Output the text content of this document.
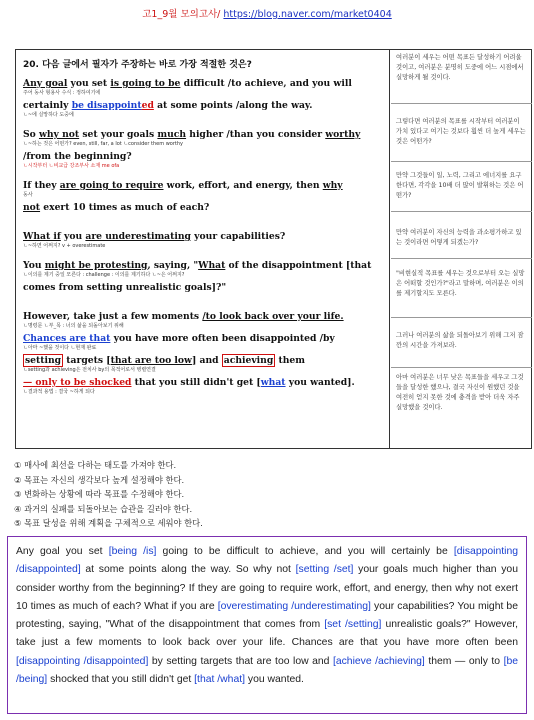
고1_9월 모의고사/ https://blog.naver.com/market0404
20. 다음 글에서 필자가 주장하는 바로 가장 적절한 것은?
Any goal you set is going to be difficult /to achieve, and you will
주어 동사 형용사 수식 : 정하여기에
certainly be disappointed at some points /along the way.
ㄴ~에 실망하다 도중에
So why not set your goals much higher /than you consider worthy
ㄴ~하는 것은 어떤가? even, still, far, a lot ㄴconsider them worthy
/from the beginning?
ㄴ시작부터 ㄴ비교급 강조부사 소재 me ofa
If they are going to require work, effort, and energy, then why
동사
not exert 10 times as much of each?
What if you are underestimating your capabilities?
ㄴ~하면 어쩌지? v + overestimate
You might be protesting, saying, "What of the disappointment [that
ㄴ이의를 제기 중일 모른다 : challenge : 이의를 제기하다 ㄴ~은 어쩌지?
comes from setting unrealistic goals]?"
However, take just a few moments /to look back over your life.
ㄴ명령문 ㄴ부_목 : 너의 삶을 되돌아보기 위해
Chances are that you have more often been disappointed /by
ㄴ아마 ~했을 것이다 ㄴ현재 완료
setting targets [that are too low] and achieving them
ㄴsetting과 achieving은 전치사 by의 목적어로서 병렬연결
— only to be shocked that you still didn't get [what you wanted].
ㄴ결과적 용법 : 결국 ~하게 되다
여러분이 세우는 어떤 목표든 달성하기 어려울 것이고, 여러분은 분명히 도중에 어느 시점에서 실망하게 될 것이다.
그렇다면 여러분의 목표를 시작부터 여러분이 가치 있다고 여기는 것보다 훨씬 더 높게 세우는 것은 어떤가?
만약 그것들이 일, 노력, 그리고 에너지를 요구한다면, 각각을 10배 더 많이 발휘하는 것은 어떤가?
만약 여러분이 자신의 능력을 과소평가하고 있는 것이라면 어떻게 되겠는가?
"비현실적 목표를 세우는 것으로부터 오는 실망은 어떠할 것인가?"라고 말하며, 여러분은 이의를 제기할지도 모른다.
그러나 여러분의 삶을 되돌아보기 위해 그저 잠깐의 시간을 가져보라.
아마 여러분은 너무 낮은 목표들을 세우고 그것들을 달성한 했으나, 결국 자신이 원했던 것을 여전히 얻지 못한 것에 충격을 받아 더욱 자주 실망했을 것이다.
① 매사에 최선을 다하는 태도를 가져야 한다.
② 목표는 자신의 생각보다 높게 설정해야 한다.
③ 변화하는 상황에 따라 목표를 수정해야 한다.
④ 과거의 실패를 되돌아보는 습관을 길러야 한다.
⑤ 목표 달성을 위해 계획을 구체적으로 세워야 한다.
Any goal you set [being /is] going to be difficult to achieve, and you will certainly be [disappointing /disappointed] at some points along the way. So why not [setting /set] your goals much higher than you consider worthy from the beginning? If they are going to require work, effort, and energy, then why not exert 10 times as much of each? What if you are [overestimating /underestimating] your capabilities? You might be protesting, saying, "What of the disappointment that comes from [set /setting] unrealistic goals?" However, take just a few moments to look back over your life. Chances are that you have more often been [disappointing /disappointed] by setting targets that are too low and [achieve /achieving] them — only to [be /being] shocked that you still didn't get [that /what] you wanted.
